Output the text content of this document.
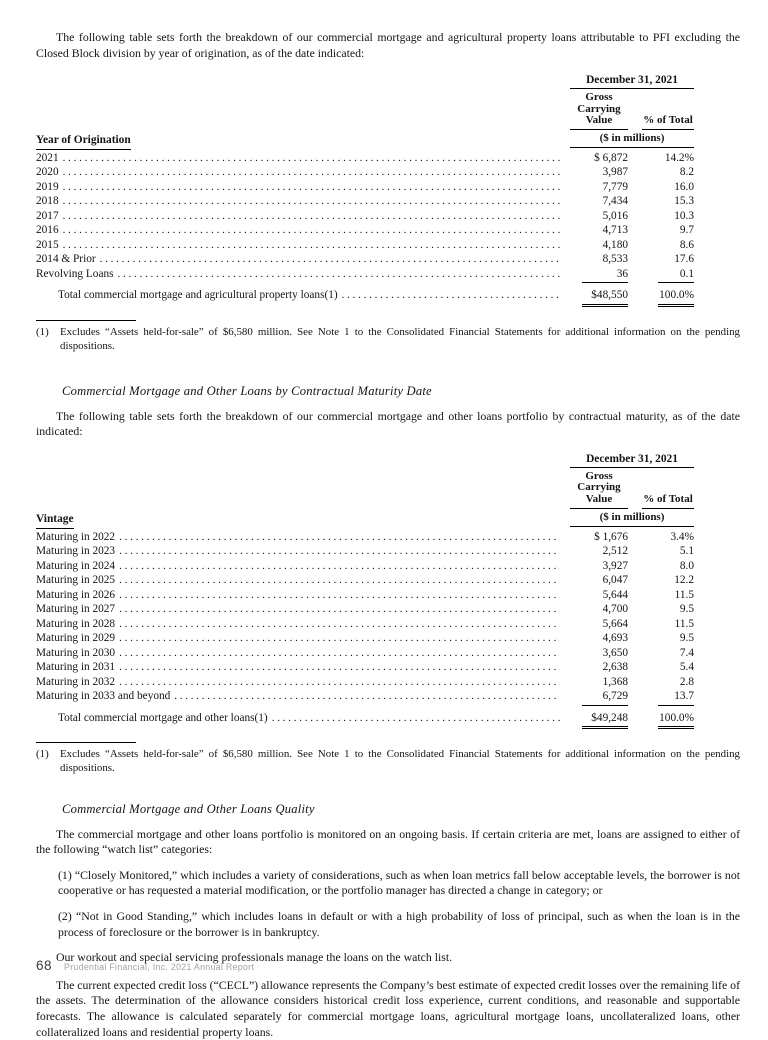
The following table sets forth the breakdown of our commercial mortgage and agricultural property loans attributable to PFI excluding the Closed Block division by year of origination, as of the date indicated:

Year of Origination
December 31, 2021
Gross
Carrying
Value	% of Total
($ in millions)
2021 . . .	$ 6,872	14.2%
2020 . . .	3,987	8.2
2019 . . .	7,779	16.0
2018 . . .	7,434	15.3
2017 . . .	5,016	10.3
2016 . . .	4,713	9.7
2015 . . .	4,180	8.6
2014 & Prior . . .	8,533	17.6
Revolving Loans . . .	36	0.1
Total commercial mortgage and agricultural property loans(1) . . .	$48,550	100.0%
(1)	Excludes “Assets held-for-sale” of $6,580 million. See Note 1 to the Consolidated Financial Statements for additional information on the pending dispositions.

Commercial Mortgage and Other Loans by Contractual Maturity Date

The following table sets forth the breakdown of our commercial mortgage and other loans portfolio by contractual maturity, as of the date indicated:

Vintage
December 31, 2021
Gross
Carrying
Value	% of Total
($ in millions)
Maturing in 2022 . . .	$ 1,676	3.4%
Maturing in 2023 . . .	2,512	5.1
Maturing in 2024 . . .	3,927	8.0
Maturing in 2025 . . .	6,047	12.2
Maturing in 2026 . . .	5,644	11.5
Maturing in 2027 . . .	4,700	9.5
Maturing in 2028 . . .	5,664	11.5
Maturing in 2029 . . .	4,693	9.5
Maturing in 2030 . . .	3,650	7.4
Maturing in 2031 . . .	2,638	5.4
Maturing in 2032 . . .	1,368	2.8
Maturing in 2033 and beyond . . .	6,729	13.7
Total commercial mortgage and other loans(1) . . .	$49,248	100.0%
(1)	Excludes “Assets held-for-sale” of $6,580 million. See Note 1 to the Consolidated Financial Statements for additional information on the pending dispositions.

Commercial Mortgage and Other Loans Quality

The commercial mortgage and other loans portfolio is monitored on an ongoing basis. If certain criteria are met, loans are assigned to either of the following “watch list” categories:

(1) “Closely Monitored,” which includes a variety of considerations, such as when loan metrics fall below acceptable levels, the borrower is not cooperative or has requested a material modification, or the portfolio manager has directed a change in category; or

(2) “Not in Good Standing,” which includes loans in default or with a high probability of loss of principal, such as when the loan is in the process of foreclosure or the borrower is in bankruptcy.

Our workout and special servicing professionals manage the loans on the watch list.

The current expected credit loss (“CECL”) allowance represents the Company’s best estimate of expected credit losses over the remaining life of the assets. The determination of the allowance considers historical credit loss experience, current conditions, and reasonable and supportable forecasts. The allowance is calculated separately for commercial mortgage loans, agricultural mortgage loans, uncollateralized loans, other collateralized loans and residential property loans.

68 Prudential Financial, Inc. 2021 Annual Report
